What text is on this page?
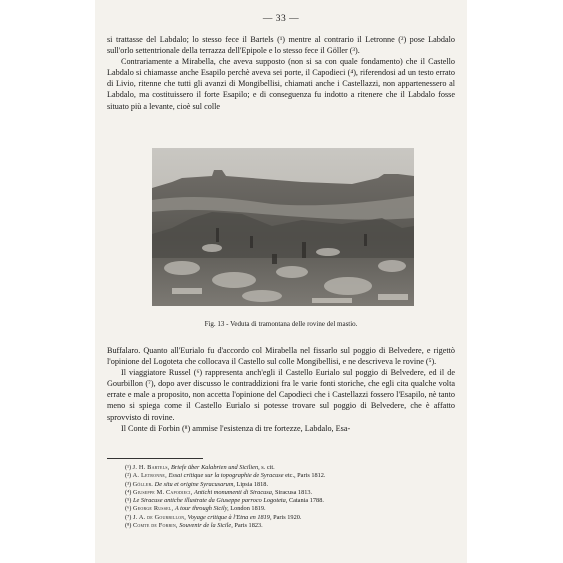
— 33 —

si trattasse del Labdalo; lo stesso fece il Bartels (¹) mentre al contrario il Letronne (²) pose Labdalo sull'orlo settentrionale della terrazza dell'Epipole e lo stesso fece il Göller (³).

Contrariamente a Mirabella, che aveva supposto (non si sa con quale fondamento) che il Castello Labdalo si chiamasse anche Esapilo perchè aveva sei porte, il Capodieci (⁴), riferendosi ad un testo errato di Livio, ritenne che tutti gli avanzi di Mongibellisi, chiamati anche i Castellazzi, non appartenessero al Labdalo, ma costituissero il forte Esapilo; e di conseguenza fu indotto a ritenere che il Labdalo fosse situato più a levante, cioè sul colle

Fig. 13 - Veduta di tramontana delle rovine del mastio.

Buffalaro. Quanto all'Eurialo fu d'accordo col Mirabella nel fissarlo sul poggio di Belvedere, e rigettò l'opinione del Logoteta che collocava il Castello sul colle Mongibellisi, e ne descriveva le rovine (⁵).

Il viaggiatore Russel (⁶) rappresenta anch'egli il Castello Eurialo sul poggio di Belvedere, ed il de Gourbillon (⁷), dopo aver discusso le contraddizioni fra le varie fonti storiche, che egli cita qualche volta errate e male a proposito, non accetta l'opinione del Capodieci che i Castellazzi fossero l'Esapilo, nè tanto meno si spiega come il Castello Eurialo si potesse trovare sul poggio di Belvedere, che è affatto sprovvisto di rovine.

Il Conte di Forbin (⁸) ammise l'esistenza di tre fortezze, Labdalo, Esa-

(¹) J. H. Bartels, Briefe über Kalabrien und Sicilien, s. cit.
(²) A. Letronne, Essai critique sur la topographie de Syracuse etc., Paris 1812.
(³) Göller. De situ et origine Syracusarum, Lipsia 1818.
(⁴) Giuseppe M. Capodieci, Antichi monumenti di Siracusa, Siracusa 1813.
(⁵) Le Siracuse antiche illustrate da Giuseppe parroco Logoteta, Catania 1788.
(⁶) George Russel, A tour through Sicily, London 1819.
(⁷) J. A. de Gourbillon, Voyage critique à l'Etna en 1819, Paris 1920.
(⁸) Comte de Forbin, Souvenir de la Sicile, Paris 1823.
